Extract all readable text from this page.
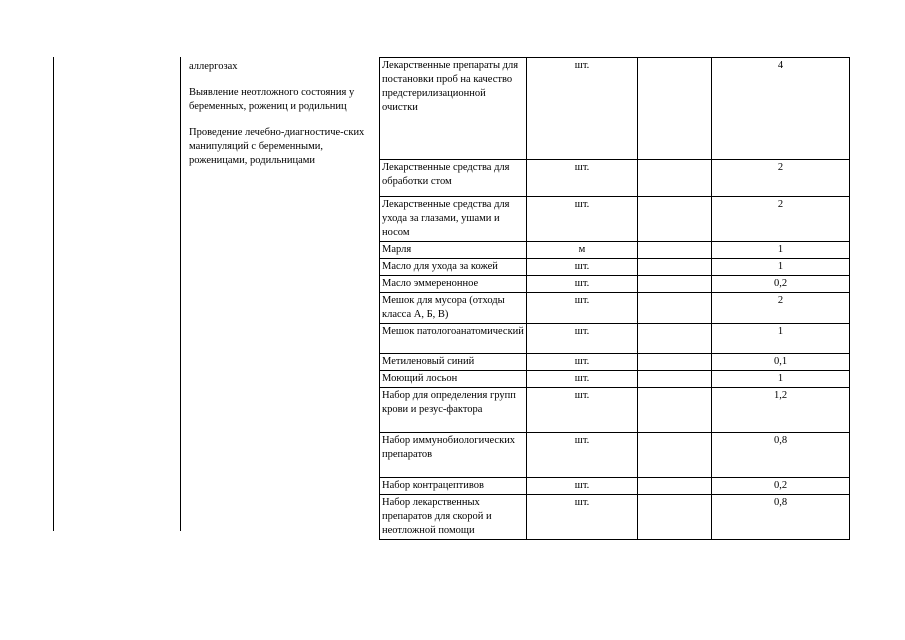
аллергозах

Выявление неотложного состояния у беременных, рожениц и родильниц

Проведение лечебно-диагностиче-ских манипуляций с беременными, роженицами, родильницами

Лекарственные препараты для постановки проб на качество предстерилизационной очистки	шт.		4
Лекарственные средства для обработки стом	шт.		2
Лекарственные средства для ухода за глазами, ушами и носом	шт.		2
Марля	м		1
Масло для ухода за кожей	шт.		1
Масло эммеренонное	шт.		0,2
Мешок для мусора (отходы класса А, Б, В)	шт.		2
Мешок патологоанатомический	шт.		1
Метиленовый синий	шт.		0,1
Моющий лосьон	шт.		1
Набор для определения групп крови и резус-фактора	шт.		1,2
Набор иммунобиологических препаратов	шт.		0,8
Набор контрацептивов	шт.		0,2
Набор лекарственных препаратов для скорой и неотложной помощи	шт.		0,8
